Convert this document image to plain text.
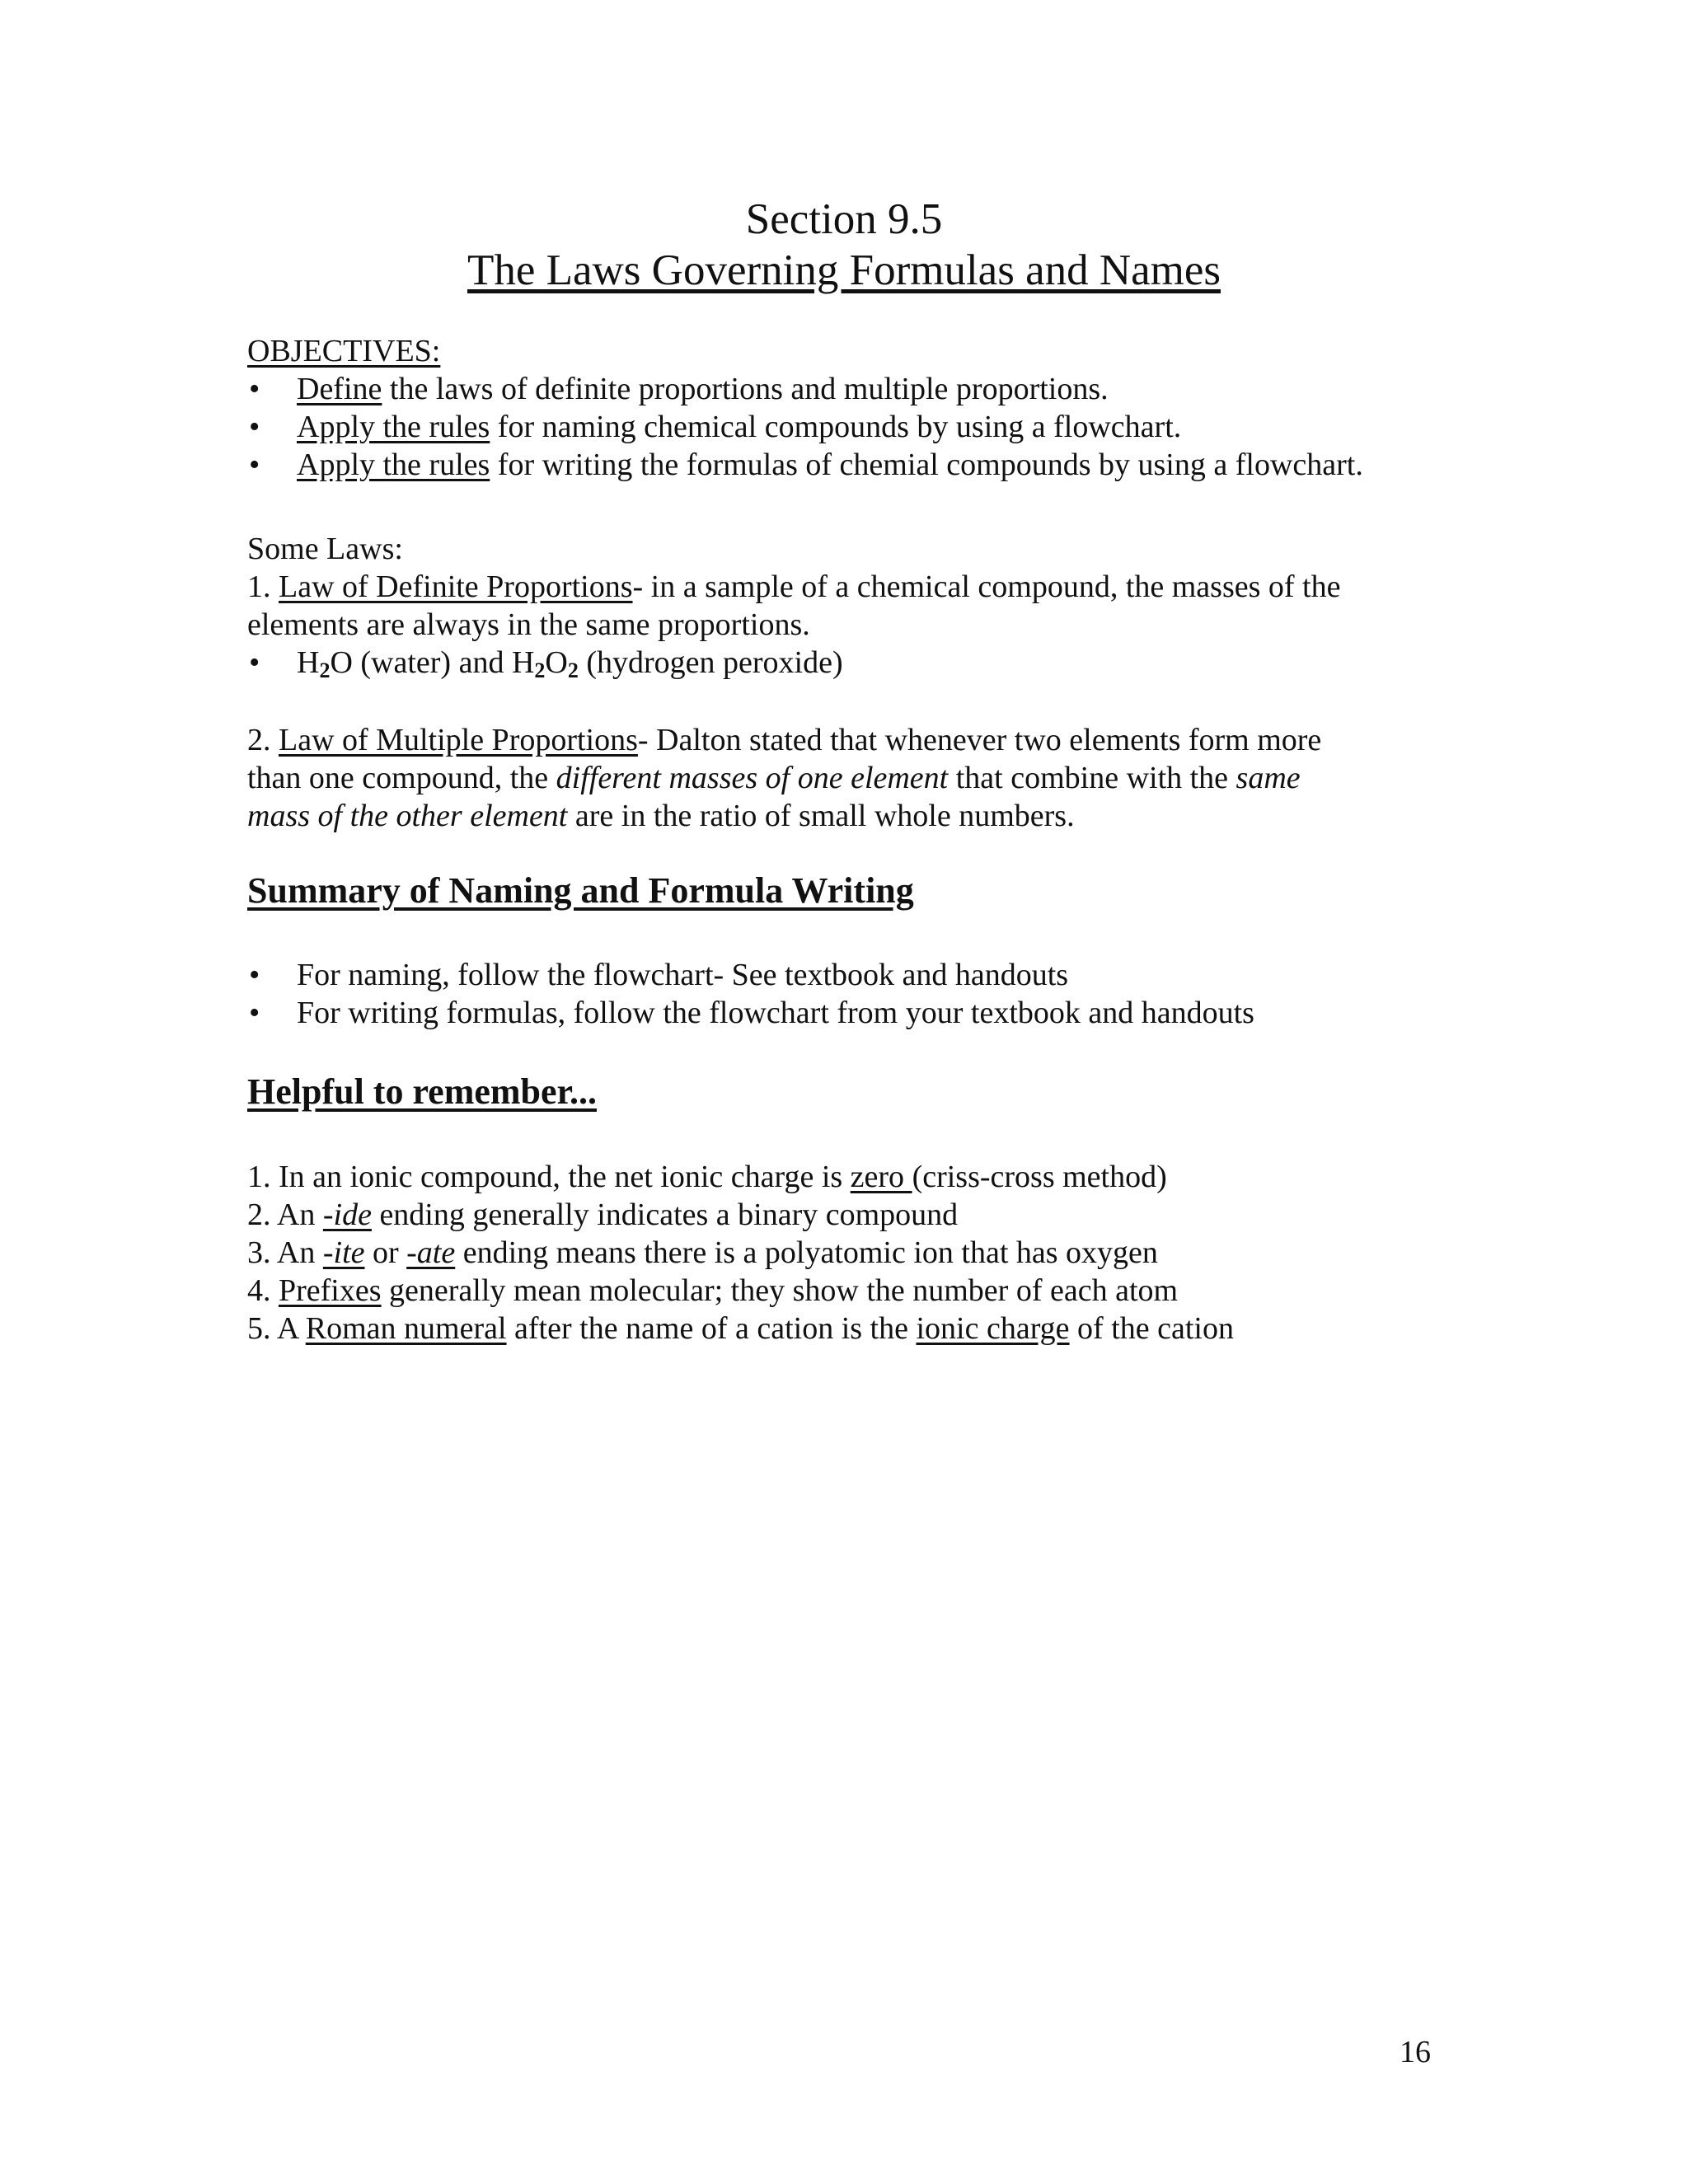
Section 9.5
The Laws Governing Formulas and Names
OBJECTIVES:
• Define the laws of definite proportions and multiple proportions.
• Apply the rules for naming chemical compounds by using a flowchart.
• Apply the rules for writing the formulas of chemial compounds by using a flowchart.
Some Laws:
1. Law of Definite Proportions- in a sample of a chemical compound, the masses of the
elements are always in the same proportions.
• $H_2O$ (water) and $H_2O_2$ (hydrogen peroxide)
2. Law of Multiple Proportions- Dalton stated that whenever two elements form more
than one compound, the different masses of one element that combine with the same
mass of the other element are in the ratio of small whole numbers.
Summary of Naming and Formula Writing
• For naming, follow the flowchart- See textbook and handouts
• For writing formulas, follow the flowchart from your textbook and handouts
Helpful to remember...
1. In an ionic compound, the net ionic charge is zero (criss-cross method)
2. An -ide ending generally indicates a binary compound
3. An -ite or -ate ending means there is a polyatomic ion that has oxygen
4. Prefixes generally mean molecular; they show the number of each atom
5. A Roman numeral after the name of a cation is the ionic charge of the cation
16
